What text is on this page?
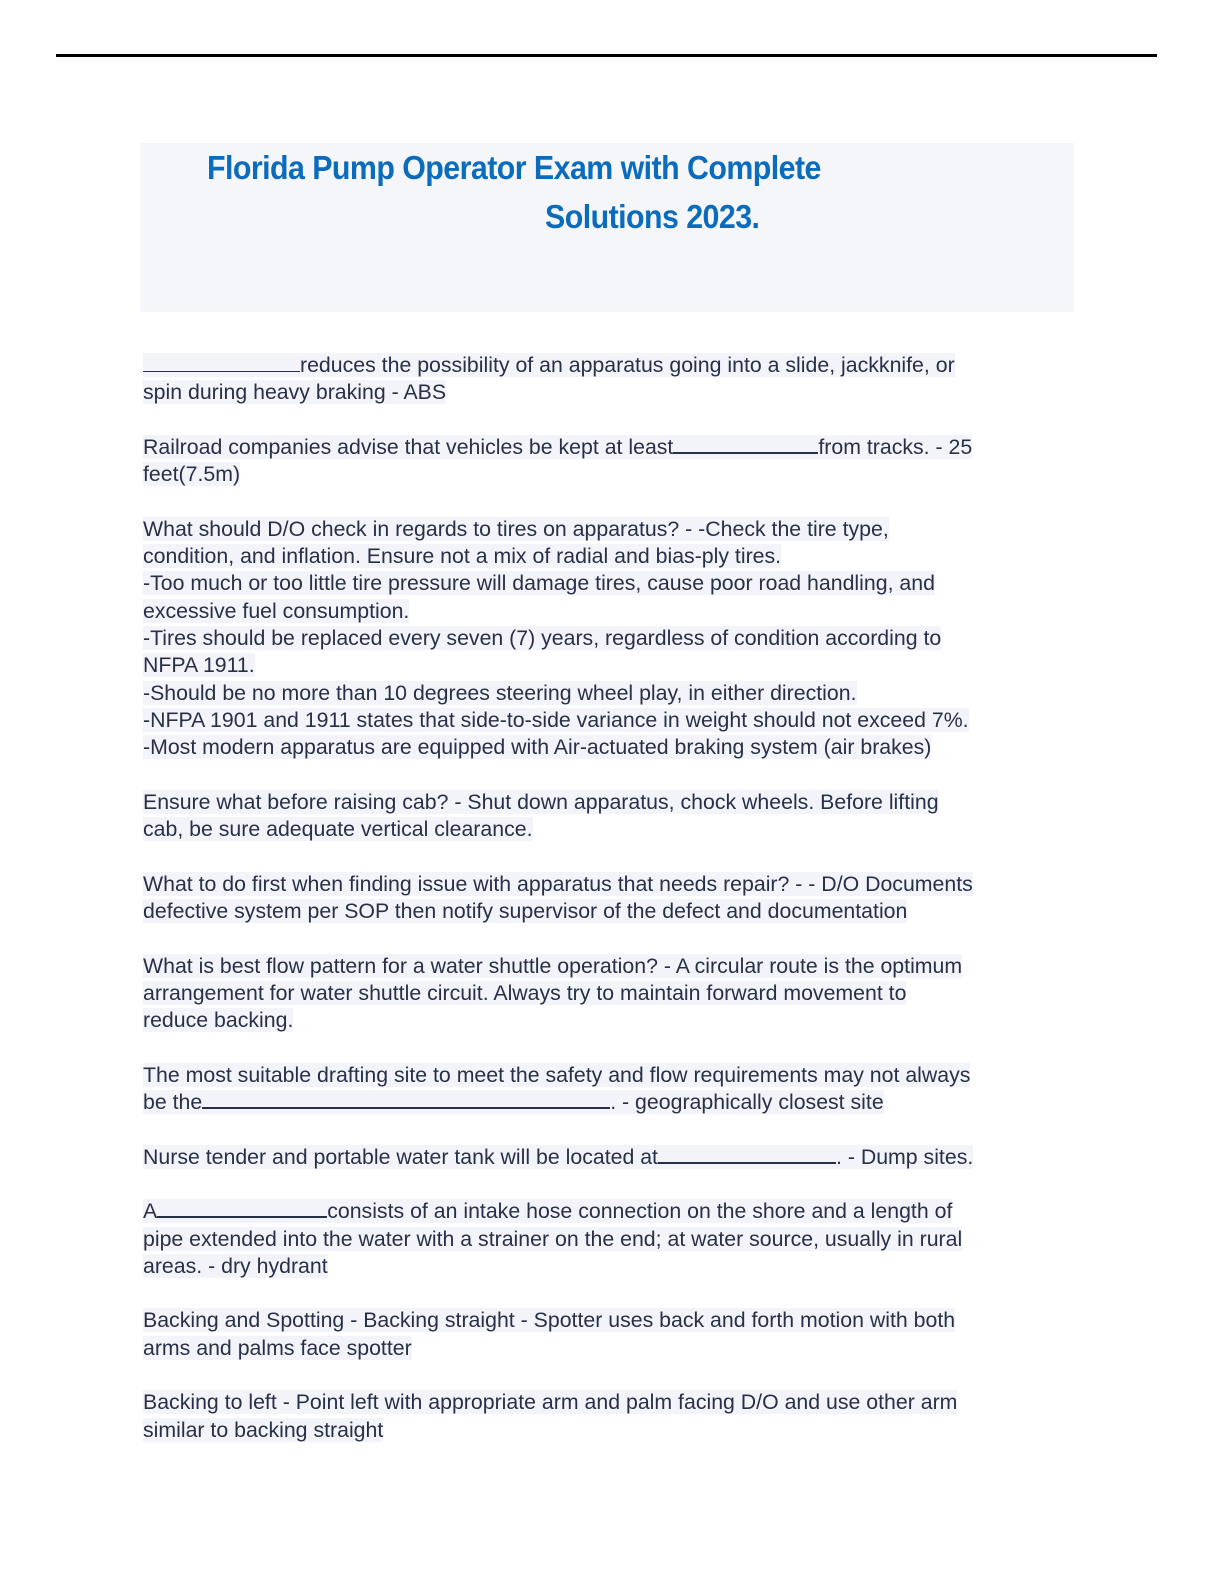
Florida Pump Operator Exam with Complete
Solutions 2023.
reduces the possibility of an apparatus going into a slide, jackknife, or
spin during heavy braking - ABS
Railroad companies advise that vehicles be kept at least	from tracks. - 25
feet(7.5m)
What should D/O check in regards to tires on apparatus? - -Check the tire type,
condition, and inflation. Ensure not a mix of radial and bias-ply tires.
-Too much or too little tire pressure will damage tires, cause poor road handling, and
excessive fuel consumption.
-Tires should be replaced every seven (7) years, regardless of condition according to
NFPA 1911.
-Should be no more than 10 degrees steering wheel play, in either direction.
-NFPA 1901 and 1911 states that side-to-side variance in weight should not exceed 7%.
-Most modern apparatus are equipped with Air-actuated braking system (air brakes)
Ensure what before raising cab? - Shut down apparatus, chock wheels. Before lifting
cab, be sure adequate vertical clearance.
What to do first when finding issue with apparatus that needs repair? - - D/O Documents
defective system per SOP then notify supervisor of the defect and documentation
What is best flow pattern for a water shuttle operation? - A circular route is the optimum
arrangement for water shuttle circuit. Always try to maintain forward movement to
reduce backing.
The most suitable drafting site to meet the safety and flow requirements may not always
be the	. - geographically closest site
Nurse tender and portable water tank will be located at	. - Dump sites.
A	consists of an intake hose connection on the shore and a length of
pipe extended into the water with a strainer on the end; at water source, usually in rural
areas. - dry hydrant
Backing and Spotting - Backing straight - Spotter uses back and forth motion with both
arms and palms face spotter
Backing to left - Point left with appropriate arm and palm facing D/O and use other arm
similar to backing straight
